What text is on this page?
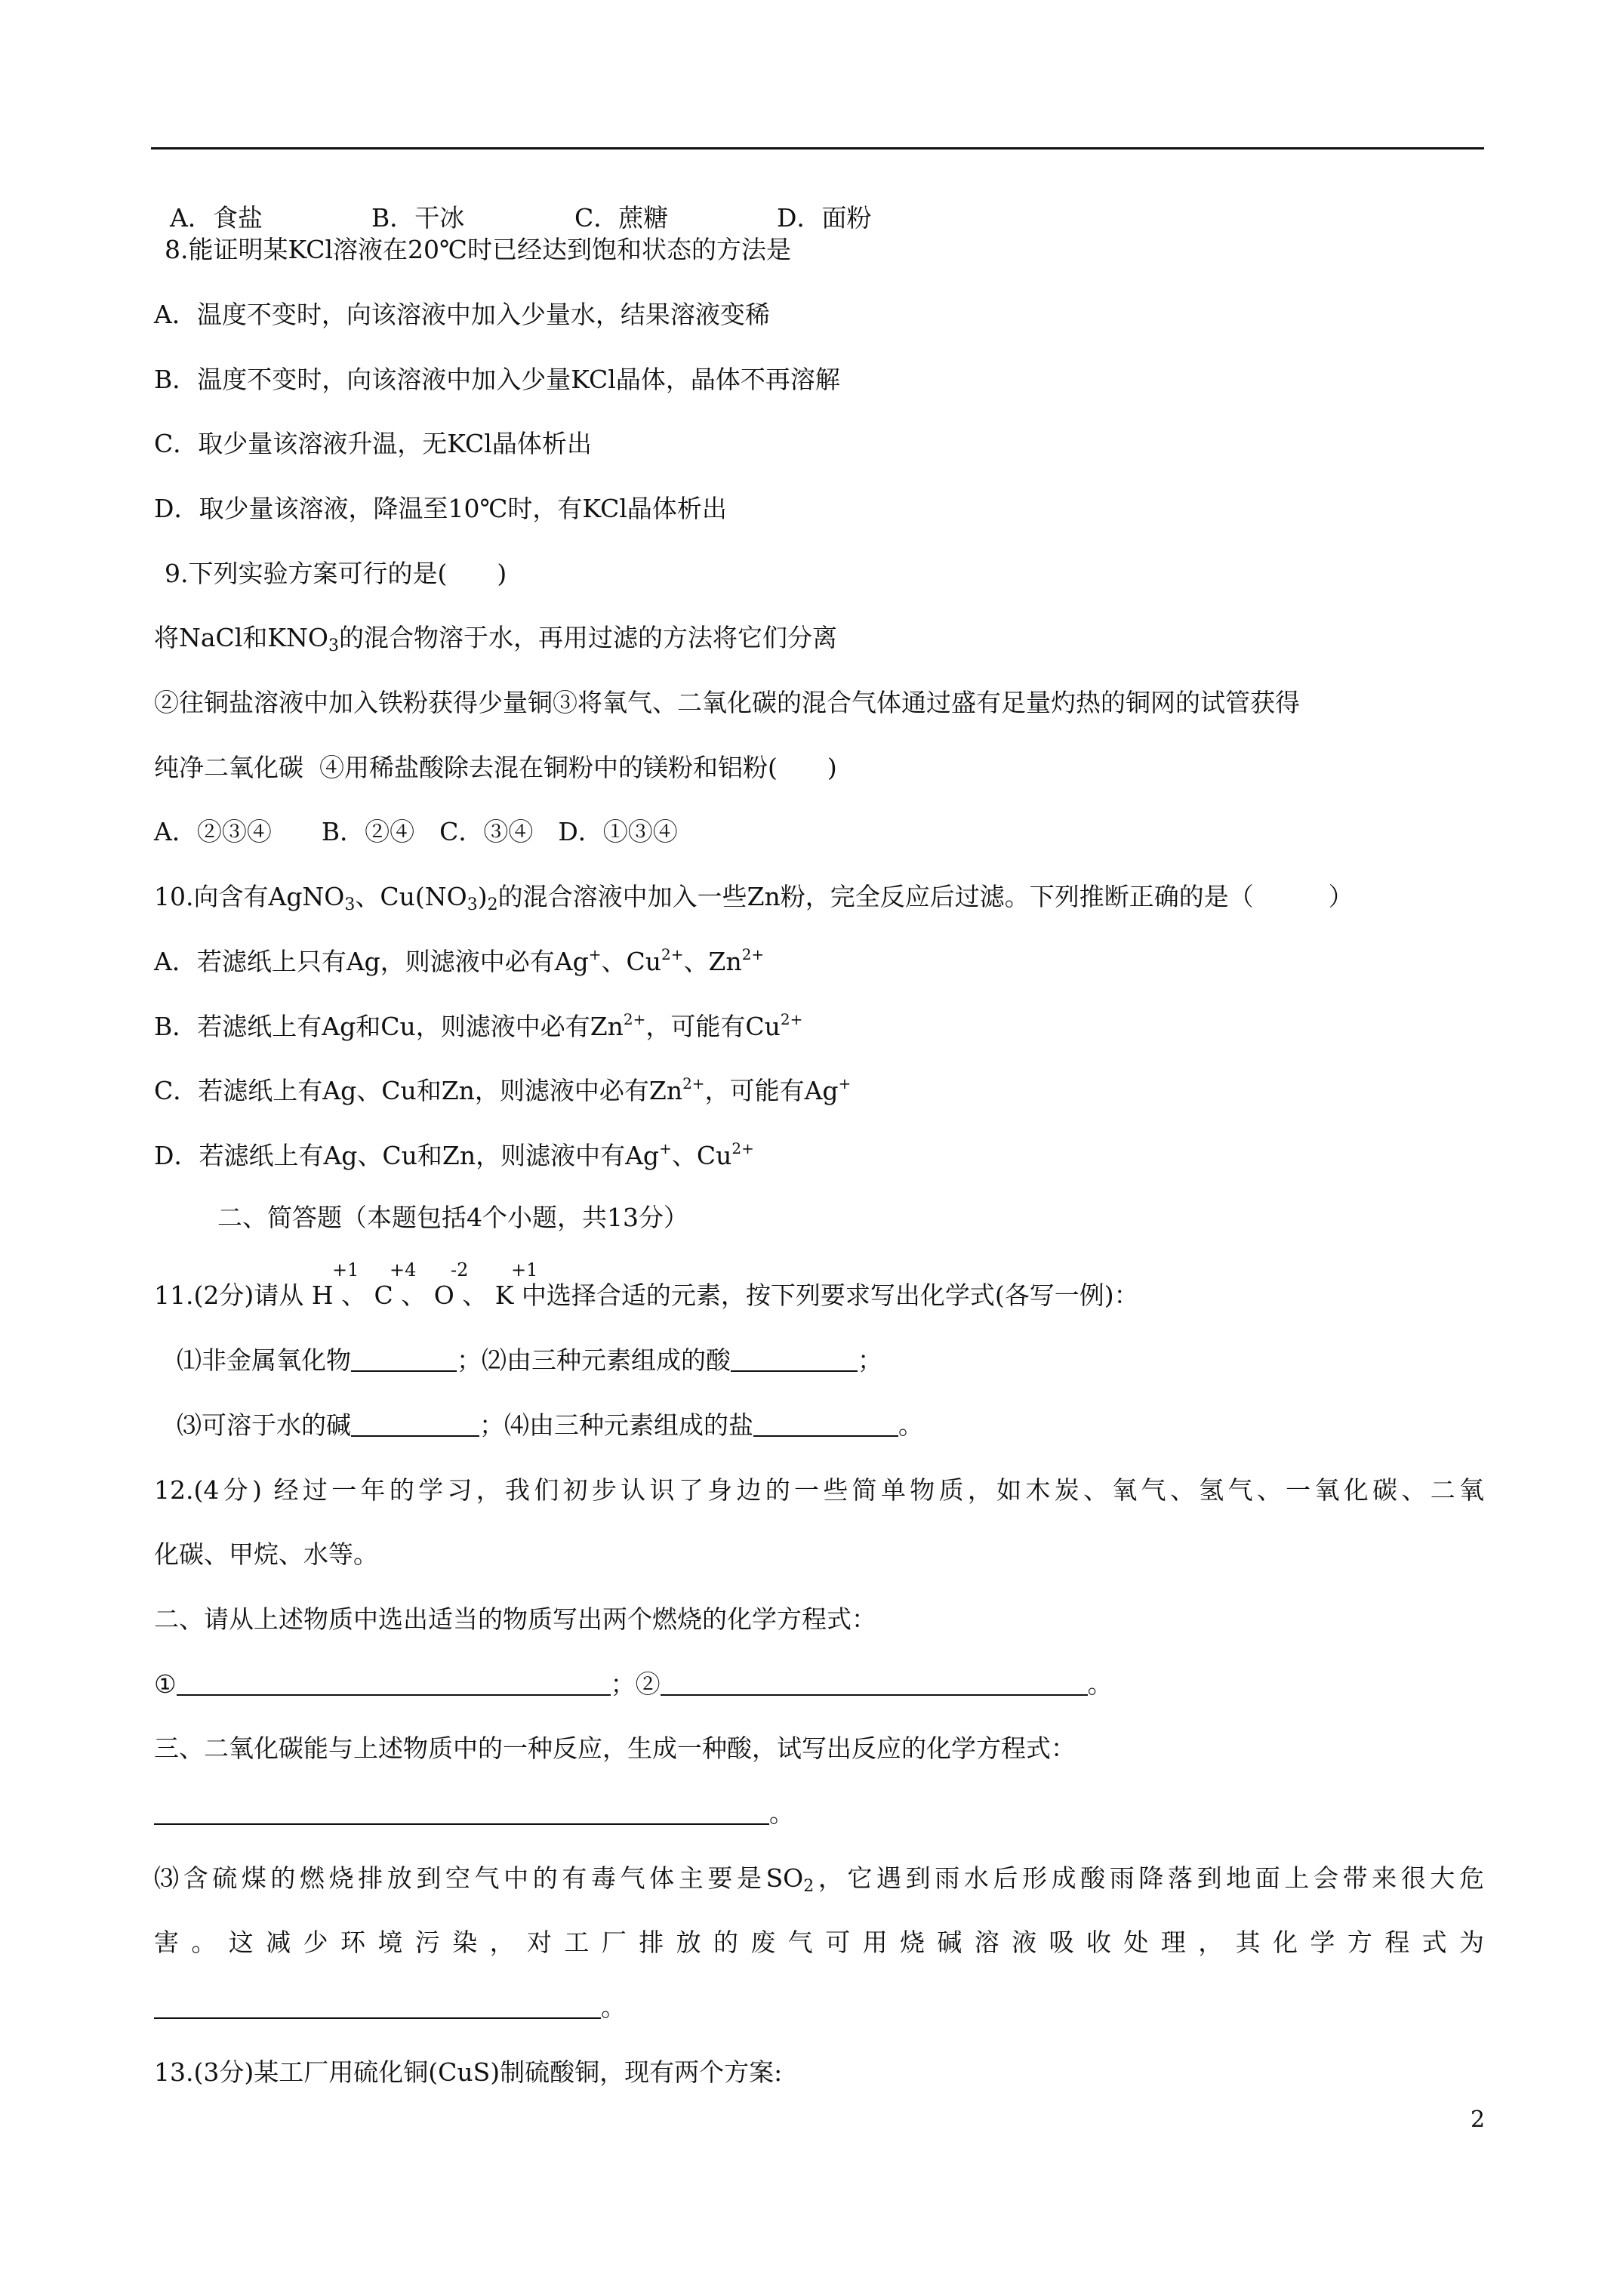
A．食盐	B．干冰	C．蔗糖	D．面粉

8.能证明某KCl溶液在20℃时已经达到饱和状态的方法是
A．温度不变时，向该溶液中加入少量水，结果溶液变稀
B．温度不变时，向该溶液中加入少量KCl晶体，晶体不再溶解
C．取少量该溶液升温，无KCl晶体析出
D．取少量该溶液，降温至10℃时，有KCl晶体析出
9.下列实验方案可行的是(　　)
将NaCl和$KNO_3$的混合物溶于水，再用过滤的方法将它们分离
②往铜盐溶液中加入铁粉获得少量铜③将氧气、二氧化碳的混合气体通过盛有足量灼热的铜网的试管获得
纯净二氧化碳  ④用稀盐酸除去混在铜粉中的镁粉和铝粉(　　)
A．②③④　　B．②④　C．③④　D．①③④
10.向含有AgNO$_3$、$Cu(NO_3)_2$的混合溶液中加入一些Zn粉，完全反应后过滤。下列推断正确的是（　　　）
A．若滤纸上只有Ag，则滤液中必有Ag+、$Cu^{2+}$、$Zn^{2+}$
B．若滤纸上有Ag和Cu，则滤液中必有$Zn^{2+}$，可能有$Cu^{2+}$
C．若滤纸上有Ag、Cu和Zn，则滤液中必有$Zn^{2+}$，可能有Ag+
D．若滤纸上有Ag、Cu和Zn，则滤液中有Ag+、$Cu^{2+}$
二、简答题（本题包括4个小题，共13分）
+1 +4 -2 +1
11.(2分)请从 H 、 C 、 O 、 K 中选择合适的元素，按下列要求写出化学式(各写一例)：
⑴非金属氧化物	；⑵由三种元素组成的酸	；
⑶可溶于水的碱	；⑷由三种元素组成的盐	。
12.(4分) 经过一年的学习，我们初步认识了身边的一些简单物质，如木炭、氧气、氢气、一氧化碳、二氧
化碳、甲烷、水等。
二、请从上述物质中选出适当的物质写出两个燃烧的化学方程式：
①	；②	。
三、二氧化碳能与上述物质中的一种反应，生成一种酸，试写出反应的化学方程式：
。
⑶含硫煤的燃烧排放到空气中的有毒气体主要是$SO_2$，它遇到雨水后形成酸雨降落到地面上会带来很大危
害。这减少环境污染，对工厂排放的废气可用烧碱溶液吸收处理，其化学方程式为
。
13.(3分)某工厂用硫化铜(CuS)制硫酸铜，现有两个方案:
2
